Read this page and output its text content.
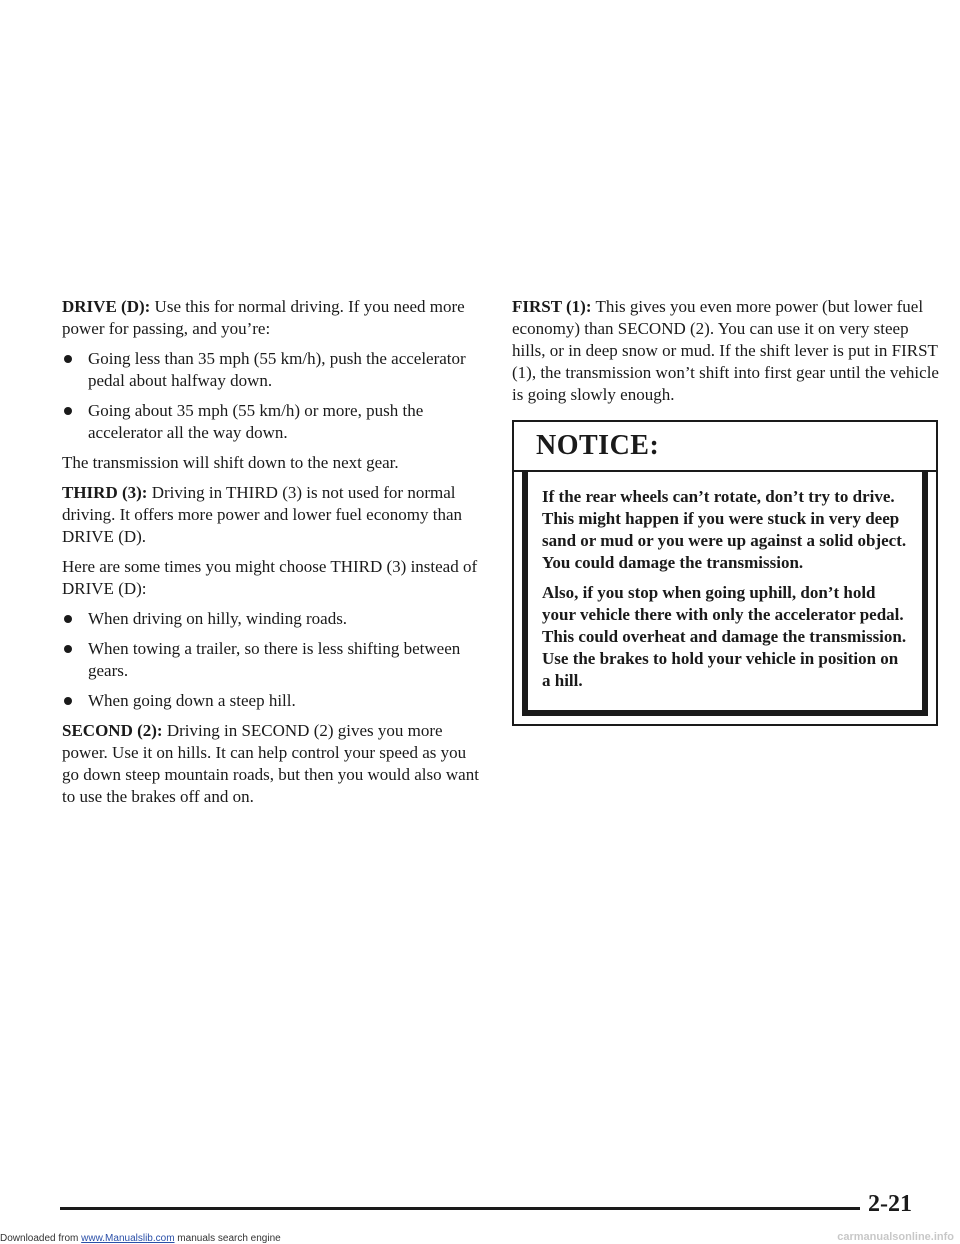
DRIVE (D): Use this for normal driving. If you need more power for passing, and you’re:

Going less than 35 mph (55 km/h), push the accelerator pedal about halfway down.
Going about 35 mph (55 km/h) or more, push the accelerator all the way down.

The transmission will shift down to the next gear.

THIRD (3): Driving in THIRD (3) is not used for normal driving. It offers more power and lower fuel economy than DRIVE (D).

Here are some times you might choose THIRD (3) instead of DRIVE (D):

When driving on hilly, winding roads.
When towing a trailer, so there is less shifting between gears.
When going down a steep hill.

SECOND (2): Driving in SECOND (2) gives you more power. Use it on hills. It can help control your speed as you go down steep mountain roads, but then you would also want to use the brakes off and on.

FIRST (1): This gives you even more power (but lower fuel economy) than SECOND (2). You can use it on very steep hills, or in deep snow or mud. If the shift lever is put in FIRST (1), the transmission won’t shift into first gear until the vehicle is going slowly enough.

NOTICE:

If the rear wheels can’t rotate, don’t try to drive. This might happen if you were stuck in very deep sand or mud or you were up against a solid object. You could damage the transmission.

Also, if you stop when going uphill, don’t hold your vehicle there with only the accelerator pedal. This could overheat and damage the transmission. Use the brakes to hold your vehicle in position on a hill.

2-21
Downloaded from www.Manualslib.com manuals search engine	carmanualsonline.info
